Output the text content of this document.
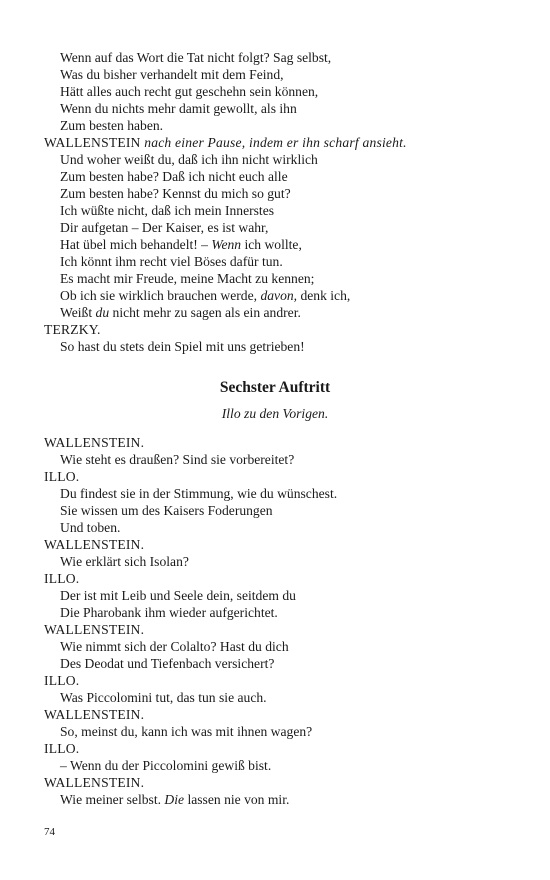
Wenn auf das Wort die Tat nicht folgt? Sag selbst,
Was du bisher verhandelt mit dem Feind,
Hätt alles auch recht gut geschehn sein können,
Wenn du nichts mehr damit gewollt, als ihn
Zum besten haben.
WALLENSTEIN nach einer Pause, indem er ihn scharf ansieht.
Und woher weißt du, daß ich ihn nicht wirklich
Zum besten habe? Daß ich nicht euch alle
Zum besten habe? Kennst du mich so gut?
Ich wüßte nicht, daß ich mein Innerstes
Dir aufgetan – Der Kaiser, es ist wahr,
Hat übel mich behandelt! – Wenn ich wollte,
Ich könnt ihm recht viel Böses dafür tun.
Es macht mir Freude, meine Macht zu kennen;
Ob ich sie wirklich brauchen werde, davon, denk ich,
Weißt du nicht mehr zu sagen als ein andrer.
TERZKY.
So hast du stets dein Spiel mit uns getrieben!
Sechster Auftritt
Illo zu den Vorigen.
WALLENSTEIN.
Wie steht es draußen? Sind sie vorbereitet?
ILLO.
Du findest sie in der Stimmung, wie du wünschest.
Sie wissen um des Kaisers Foderungen
Und toben.
WALLENSTEIN.
Wie erklärt sich Isolan?
ILLO.
Der ist mit Leib und Seele dein, seitdem du
Die Pharobank ihm wieder aufgerichtet.
WALLENSTEIN.
Wie nimmt sich der Colalto? Hast du dich
Des Deodat und Tiefenbach versichert?
ILLO.
Was Piccolomini tut, das tun sie auch.
WALLENSTEIN.
So, meinst du, kann ich was mit ihnen wagen?
ILLO.
– Wenn du der Piccolomini gewiß bist.
WALLENSTEIN.
Wie meiner selbst. Die lassen nie von mir.
74
